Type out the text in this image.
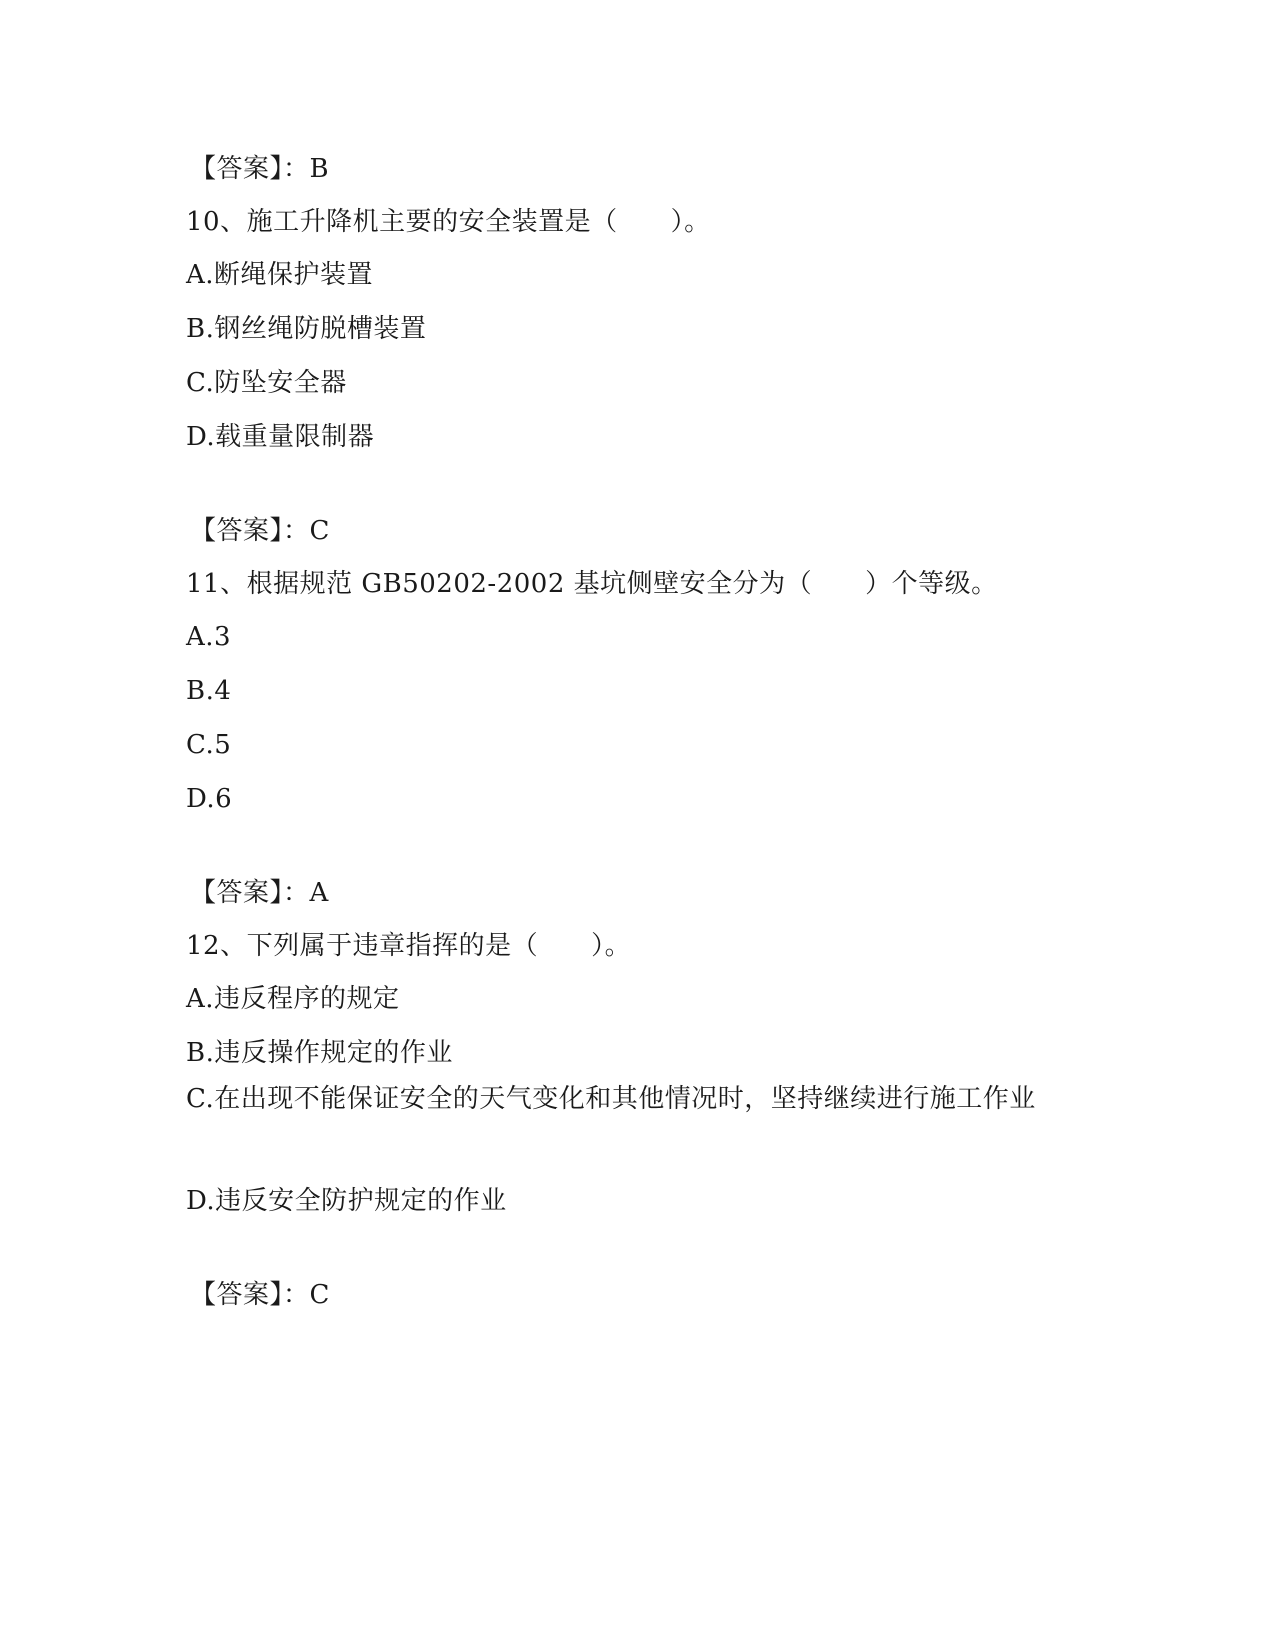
【答案】：B
10、施工升降机主要的安全装置是（　　）。
A.断绳保护装置
B.钢丝绳防脱槽装置
C.防坠安全器
D.载重量限制器
【答案】：C
11、根据规范 GB50202-2002 基坑侧壁安全分为（　　）个等级。
A.3
B.4
C.5
D.6
【答案】：A
12、下列属于违章指挥的是（　　）。
A.违反程序的规定
B.违反操作规定的作业
C.在出现不能保证安全的天气变化和其他情况时，坚持继续进行施工作业
D.违反安全防护规定的作业
【答案】：C
